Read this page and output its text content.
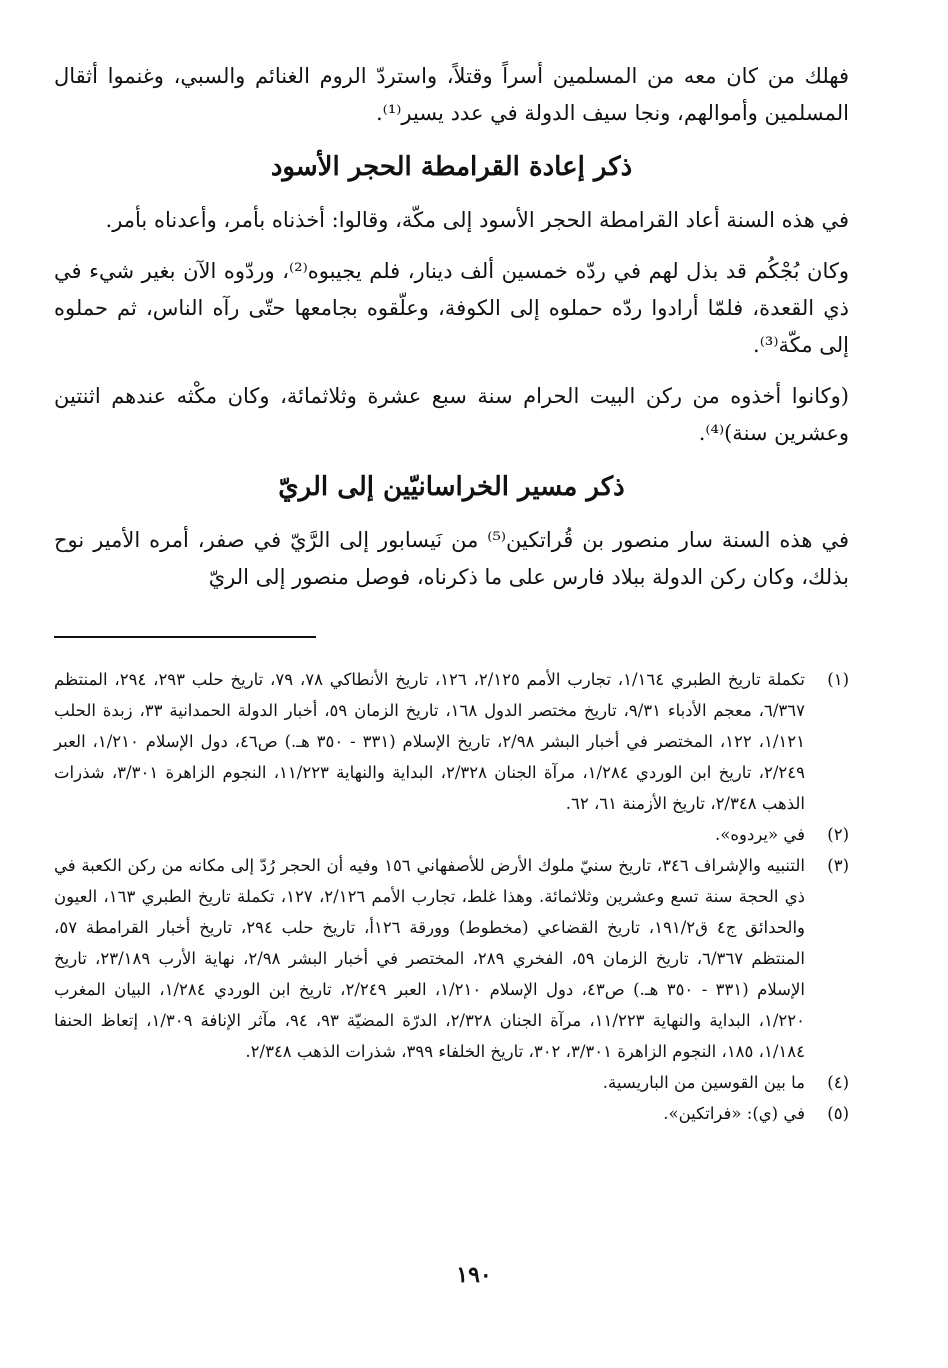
فهلك من كان معه من المسلمين أسراً وقتلاً، واستردّ الروم الغنائم والسبي، وغنموا أثقال المسلمين وأموالهم، ونجا سيف الدولة في عدد يسير⁽¹⁾.

ذكر إعادة القرامطة الحجر الأسود

في هذه السنة أعاد القرامطة الحجر الأسود إلى مكّة، وقالوا: أخذناه بأمر، وأعدناه بأمر.

وكان بُجْكُم قد بذل لهم في ردّه خمسين ألف دينار، فلم يجيبوه⁽²⁾، وردّوه الآن بغير شيء في ذي القعدة، فلمّا أرادوا ردّه حملوه إلى الكوفة، وعلّقوه بجامعها حتّى رآه الناس، ثم حملوه إلى مكّة⁽³⁾.

(وكانوا أخذوه من ركن البيت الحرام سنة سبع عشرة وثلاثمائة، وكان مكْثه عندهم اثنتين وعشرين سنة)⁽⁴⁾.

ذكر مسير الخراسانيّين إلى الريّ

في هذه السنة سار منصور بن قُراتكين⁽⁵⁾ من نَيسابور إلى الرَّيّ في صفر، أمره الأمير نوح بذلك، وكان ركن الدولة ببلاد فارس على ما ذكرناه، فوصل منصور إلى الريّ

(١)
تكملة تاريخ الطبري ١/١٦٤، تجارب الأمم ٢/١٢٥، ١٢٦، تاريخ الأنطاكي ٧٨، ٧٩، تاريخ حلب ٢٩٣، ٢٩٤، المنتظم ٦/٣٦٧، معجم الأدباء ٩/٣١، تاريخ مختصر الدول ١٦٨، تاريخ الزمان ٥٩، أخبار الدولة الحمدانية ٣٣، زبدة الحلب ١/١٢١، ١٢٢، المختصر في أخبار البشر ٢/٩٨، تاريخ الإسلام (٣٣١ - ٣٥٠ هـ.) ص٤٦، دول الإسلام ١/٢١٠، العبر ٢/٢٤٩، تاريخ ابن الوردي ١/٢٨٤، مرآة الجنان ٢/٣٢٨، البداية والنهاية ١١/٢٢٣، النجوم الزاهرة ٣/٣٠١، شذرات الذهب ٢/٣٤٨، تاريخ الأزمنة ٦١، ٦٢.
(٢)
في «يردوه».
(٣)
التنبيه والإشراف ٣٤٦، تاريخ سنيّ ملوك الأرض للأصفهاني ١٥٦ وفيه أن الحجر رُدّ إلى مكانه من ركن الكعبة في ذي الحجة سنة تسع وعشرين وثلاثمائة. وهذا غلط، تجارب الأمم ٢/١٢٦، ١٢٧، تكملة تاريخ الطبري ١٦٣، العيون والحدائق ج٤ ق١٩١/٢، تاريخ القضاعي (مخطوط) وورقة ١٢٦أ، تاريخ حلب ٢٩٤، تاريخ أخبار القرامطة ٥٧، المنتظم ٦/٣٦٧، تاريخ الزمان ٥٩، الفخري ٢٨٩، المختصر في أخبار البشر ٢/٩٨، نهاية الأرب ٢٣/١٨٩، تاريخ الإسلام (٣٣١ - ٣٥٠ هـ.) ص٤٣، دول الإسلام ١/٢١٠، العبر ٢/٢٤٩، تاريخ ابن الوردي ١/٢٨٤، البيان المغرب ١/٢٢٠، البداية والنهاية ١١/٢٢٣، مرآة الجنان ٢/٣٢٨، الدرّة المضيّة ٩٣، ٩٤، مآثر الإنافة ١/٣٠٩، إتعاظ الحنفا ١/١٨٤، ١٨٥، النجوم الزاهرة ٣/٣٠١، ٣٠٢، تاريخ الخلفاء ٣٩٩، شذرات الذهب ٢/٣٤٨.
(٤)
ما بين القوسين من الباريسية.
(٥)
في (ي): «فراتكين».
١٩٠
